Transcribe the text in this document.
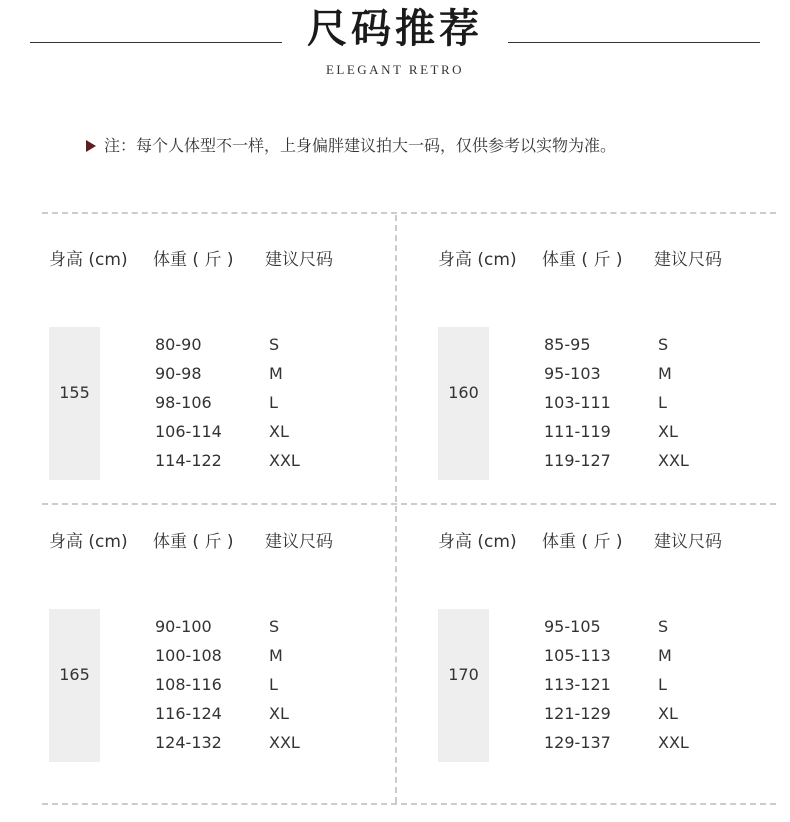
尺码推荐
ELEGANT RETRO
注：每个人体型不一样，上身偏胖建议拍大一码，仅供参考以实物为准。
身高 (cm) 体重 ( 斤 ) 建议尺码
155
80-90	S
90-98	M
98-106	L
106-114	XL
114-122	XXL
身高 (cm) 体重 ( 斤 ) 建议尺码
160
85-95	S
95-103	M
103-111	L
111-119	XL
119-127	XXL
身高 (cm) 体重 ( 斤 ) 建议尺码
165
90-100	S
100-108	M
108-116	L
116-124	XL
124-132	XXL
身高 (cm) 体重 ( 斤 ) 建议尺码
170
95-105	S
105-113	M
113-121	L
121-129	XL
129-137	XXL
